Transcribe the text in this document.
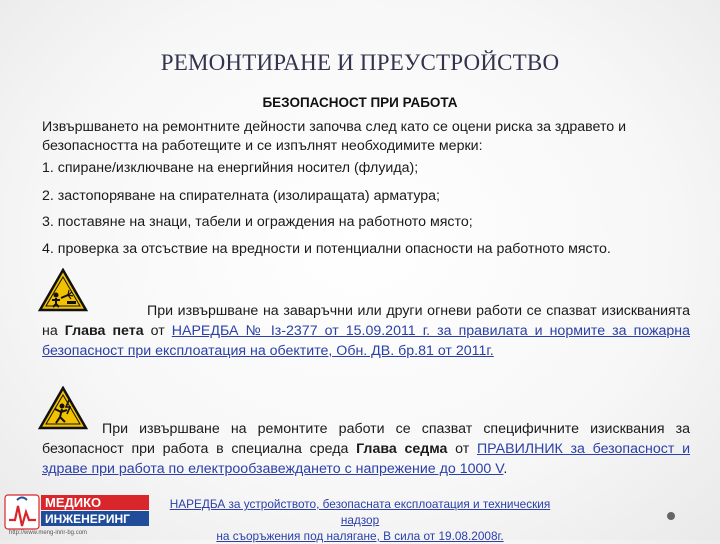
РЕМОНТИРАНЕ И ПРЕУСТРОЙСТВО
БЕЗОПАСНОСТ ПРИ РАБОТА
Извършването на ремонтните дейности започва след като се оцени риска за здравето и безопасността на работещите и се изпълнят необходимите мерки:
1. спиране/изключване на енергийния носител (флуида);
2. застопоряване на спирателната (изолиращата) арматура;
3. поставяне на знаци, табели и ограждения на работното място;
4. проверка за отсъствие на вредности и потенциални опасности на работното място.
При извършване на заваръчни или други огневи работи се спазват изискванията на Глава пета от НАРЕДБА № Із-2377 от 15.09.2011 г. за правилата и нормите за пожарна безопасност при експлоатация на обектите, Обн. ДВ. бр.81 от 2011г.
При извършване на ремонтите работи се спазват специфичните изисквания за безопасност при работа в специална среда Глава седма от ПРАВИЛНИК за безопасност и здраве при работа по електрообзавеждането с напрежение до 1000 V.
МЕДИКО
ИНЖЕНЕРИНГ
http://www.meng-inrir-bg.com
НАРЕДБА за устройството, безопасната експлоатация и техническия надзор
на съоръжения под налягане, В сила от 19.08.2008г.
